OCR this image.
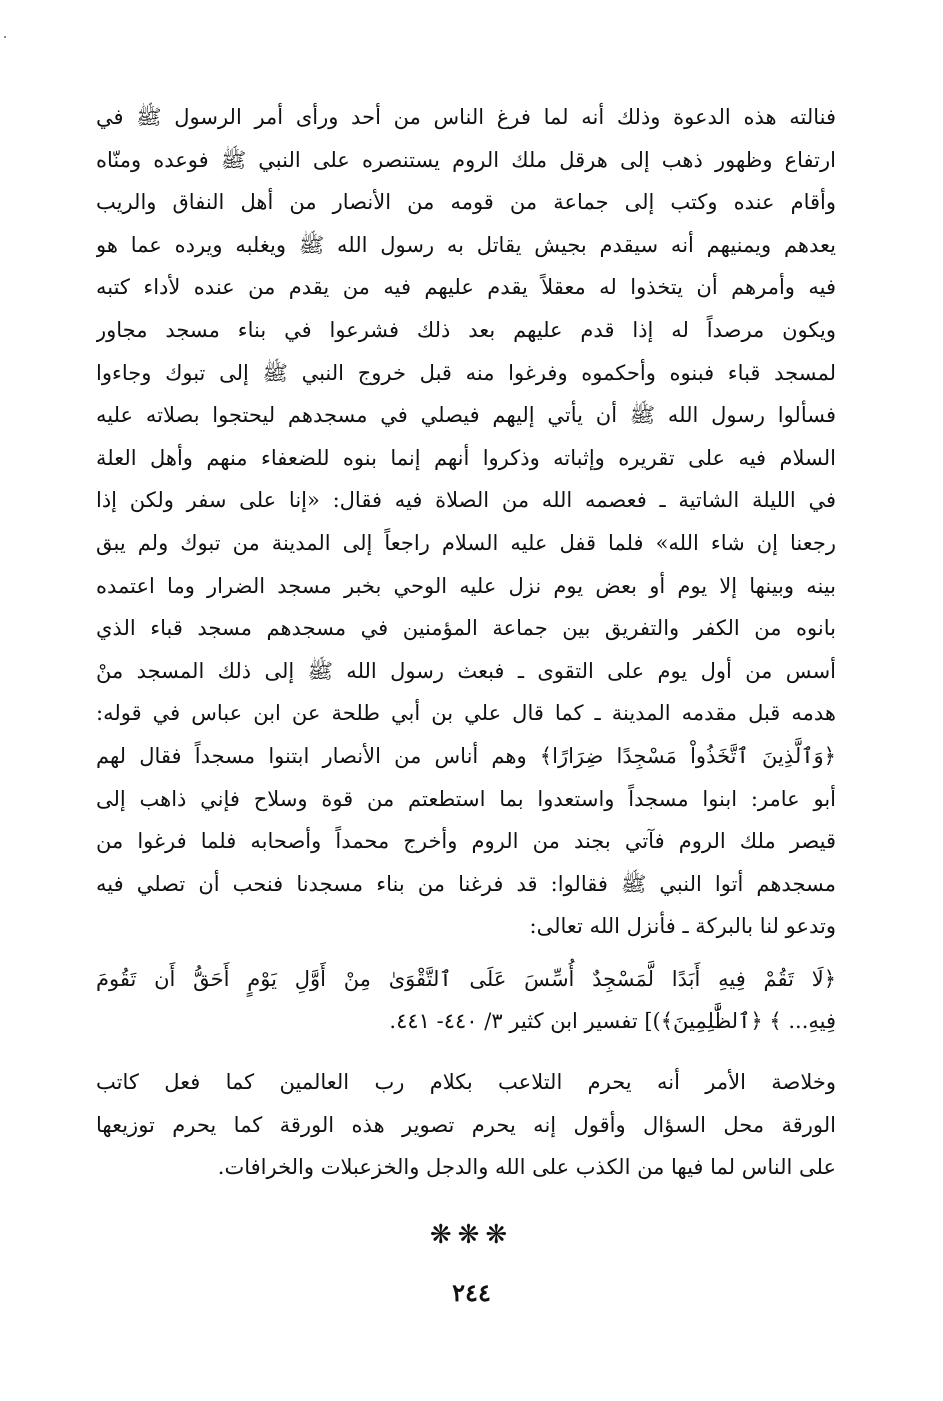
فنالته هذه الدعوة وذلك أنه لما فرغ الناس من أحد ورأى أمر الرسول ﷺ في
ارتفاع وظهور ذهب إلى هرقل ملك الروم يستنصره على النبي ﷺ فوعده ومنّاه
وأقام عنده وكتب إلى جماعة من قومه من الأنصار من أهل النفاق والريب
يعدهم ويمنيهم أنه سيقدم بجيش يقاتل به رسول الله ﷺ ويغلبه ويرده عما هو
فيه وأمرهم أن يتخذوا له معقلاً يقدم عليهم فيه من يقدم من عنده لأداء كتبه
ويكون مرصداً له إذا قدم عليهم بعد ذلك فشرعوا في بناء مسجد مجاور
لمسجد قباء فبنوه وأحكموه وفرغوا منه قبل خروج النبي ﷺ إلى تبوك وجاءوا
فسألوا رسول الله ﷺ أن يأتي إليهم فيصلي في مسجدهم ليحتجوا بصلاته عليه
السلام فيه على تقريره وإثباته وذكروا أنهم إنما بنوه للضعفاء منهم وأهل العلة
في الليلة الشاتية ـ فعصمه الله من الصلاة فيه فقال: «إنا على سفر ولكن إذا
رجعنا إن شاء الله» فلما قفل عليه السلام راجعاً إلى المدينة من تبوك ولم يبق
بينه وبينها إلا يوم أو بعض يوم نزل عليه الوحي بخبر مسجد الضرار وما اعتمده
بانوه من الكفر والتفريق بين جماعة المؤمنين في مسجدهم مسجد قباء الذي
أسس من أول يوم على التقوى ـ فبعث رسول الله ﷺ إلى ذلك المسجد منْ
هدمه قبل مقدمه المدينة ـ كما قال علي بن أبي طلحة عن ابن عباس في قوله:
﴿وَٱلَّذِينَ ٱتَّخَذُواْ مَسْجِدًا ضِرَارًا﴾ وهم أناس من الأنصار ابتنوا مسجداً فقال لهم
أبو عامر: ابنوا مسجداً واستعدوا بما استطعتم من قوة وسلاح فإني ذاهب إلى
قيصر ملك الروم فآتي بجند من الروم وأخرج محمداً وأصحابه فلما فرغوا من
مسجدهم أتوا النبي ﷺ فقالوا: قد فرغنا من بناء مسجدنا فنحب أن تصلي فيه
وتدعو لنا بالبركة ـ فأنزل الله تعالى:
﴿لَا تَقُمْ فِيهِ أَبَدًا لَّمَسْجِدٌ أُسِّسَ عَلَى ٱلتَّقْوَىٰ مِنْ أَوَّلِ يَوْمٍ أَحَقُّ أَن تَقُومَ
فِيهِ... ﴾ ﴿ٱلظَّٰلِمِينَ﴾)] تفسير ابن كثير ٣/ ٤٤٠- ٤٤١.
وخلاصة الأمر أنه يحرم التلاعب بكلام رب العالمين كما فعل كاتب
الورقة محل السؤال وأقول إنه يحرم تصوير هذه الورقة كما يحرم توزيعها
على الناس لما فيها من الكذب على الله والدجل والخزعبلات والخرافات.
❋❋❋
٢٤٤
